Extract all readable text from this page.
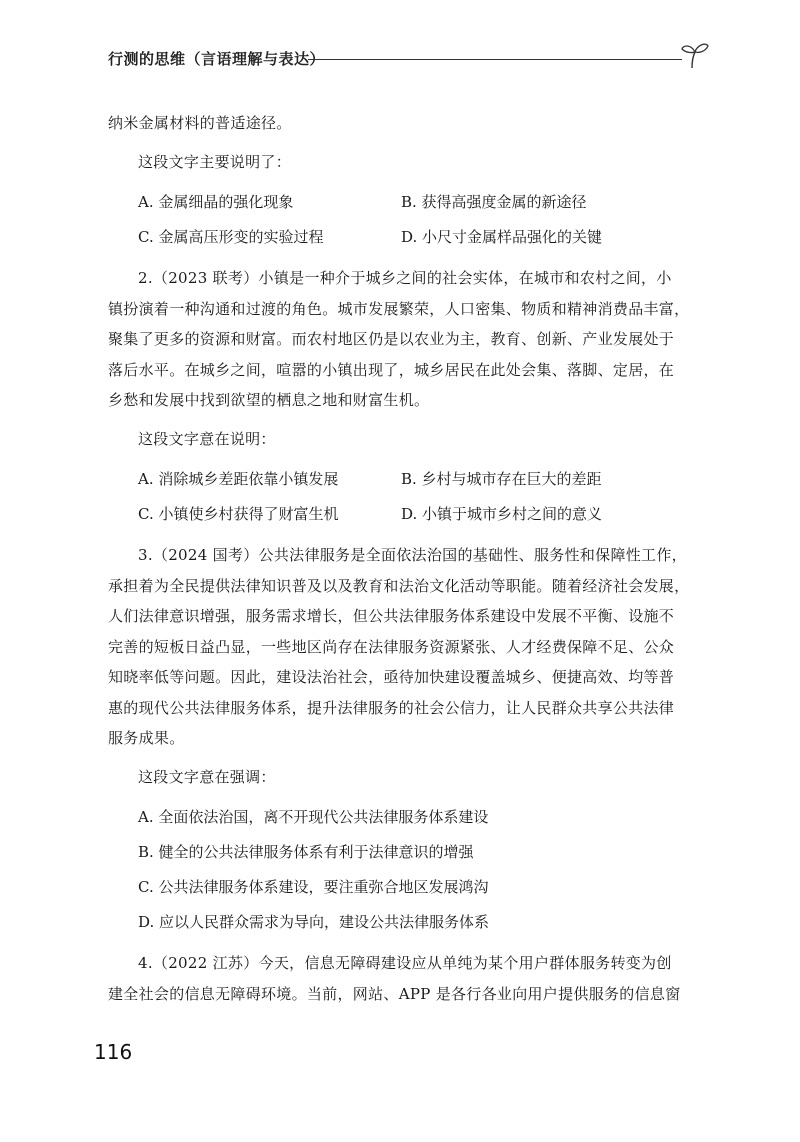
行测的思维（言语理解与表达）

纳米金属材料的普适途径。

这段文字主要说明了：

A. 金属细晶的强化现象	B. 获得高强度金属的新途径
C. 金属高压形变的实验过程	D. 小尺寸金属样品强化的关键

2.（2023 联考）小镇是一种介于城乡之间的社会实体，在城市和农村之间，小
镇扮演着一种沟通和过渡的角色。城市发展繁荣，人口密集、物质和精神消费品丰富，
聚集了更多的资源和财富。而农村地区仍是以农业为主，教育、创新、产业发展处于
落后水平。在城乡之间，喧嚣的小镇出现了，城乡居民在此处会集、落脚、定居，在
乡愁和发展中找到欲望的栖息之地和财富生机。

这段文字意在说明：

A. 消除城乡差距依靠小镇发展	B. 乡村与城市存在巨大的差距
C. 小镇使乡村获得了财富生机	D. 小镇于城市乡村之间的意义

3.（2024 国考）公共法律服务是全面依法治国的基础性、服务性和保障性工作，
承担着为全民提供法律知识普及以及教育和法治文化活动等职能。随着经济社会发展，
人们法律意识增强，服务需求增长，但公共法律服务体系建设中发展不平衡、设施不
完善的短板日益凸显，一些地区尚存在法律服务资源紧张、人才经费保障不足、公众
知晓率低等问题。因此，建设法治社会，亟待加快建设覆盖城乡、便捷高效、均等普
惠的现代公共法律服务体系，提升法律服务的社会公信力，让人民群众共享公共法律
服务成果。

这段文字意在强调：

A. 全面依法治国，离不开现代公共法律服务体系建设
B. 健全的公共法律服务体系有利于法律意识的增强
C. 公共法律服务体系建设，要注重弥合地区发展鸿沟
D. 应以人民群众需求为导向，建设公共法律服务体系

4.（2022 江苏）今天，信息无障碍建设应从单纯为某个用户群体服务转变为创
建全社会的信息无障碍环境。当前，网站、APP 是各行各业向用户提供服务的信息窗

116
